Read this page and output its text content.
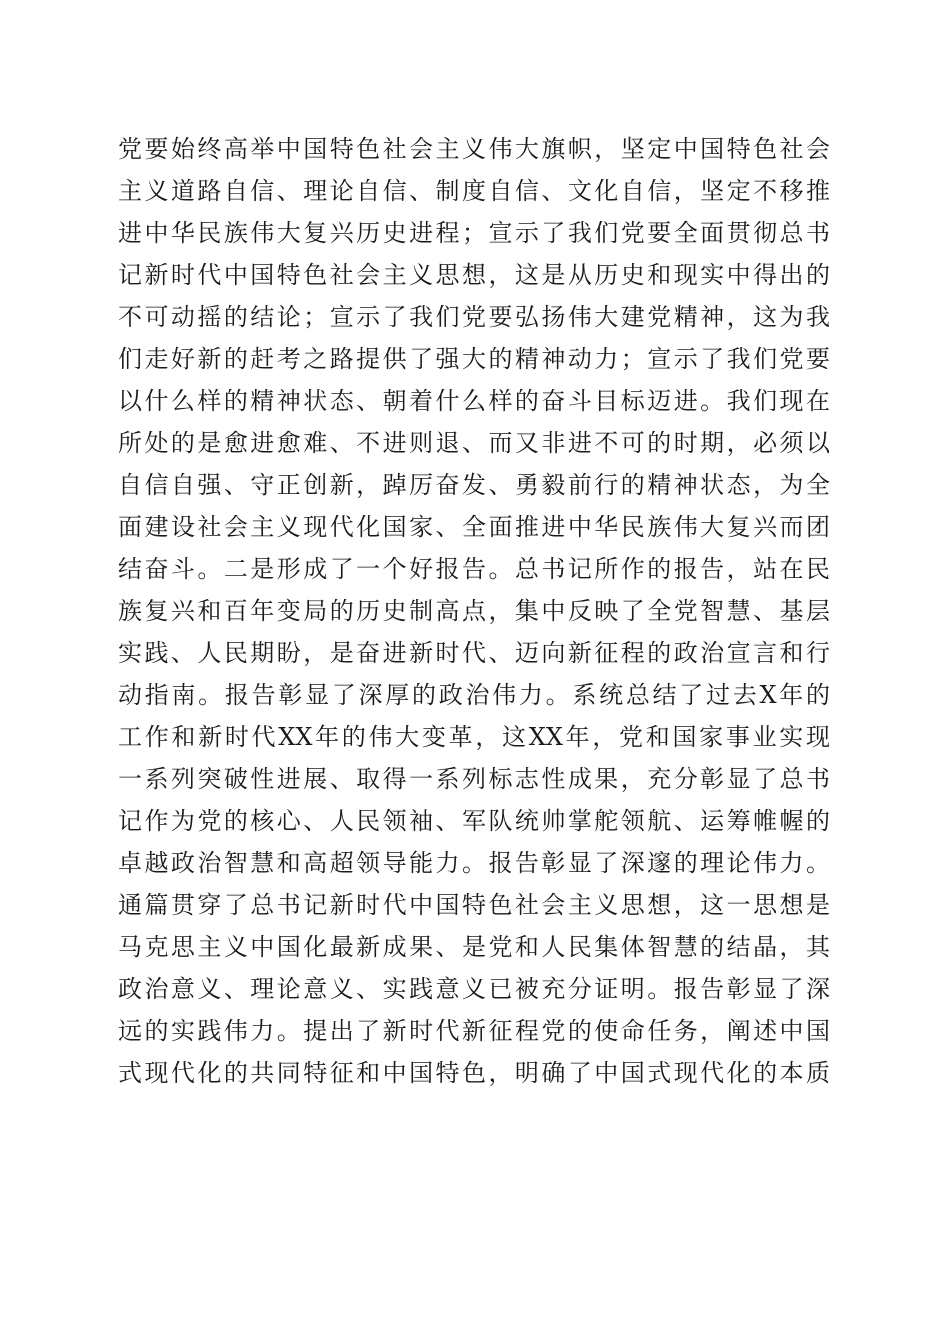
党要始终高举中国特色社会主义伟大旗帜，坚定中国特色社会
主义道路自信、理论自信、制度自信、文化自信，坚定不移推
进中华民族伟大复兴历史进程；宣示了我们党要全面贯彻总书
记新时代中国特色社会主义思想，这是从历史和现实中得出的
不可动摇的结论；宣示了我们党要弘扬伟大建党精神，这为我
们走好新的赶考之路提供了强大的精神动力；宣示了我们党要
以什么样的精神状态、朝着什么样的奋斗目标迈进。我们现在
所处的是愈进愈难、不进则退、而又非进不可的时期，必须以
自信自强、守正创新，踔厉奋发、勇毅前行的精神状态，为全
面建设社会主义现代化国家、全面推进中华民族伟大复兴而团
结奋斗。二是形成了一个好报告。总书记所作的报告，站在民
族复兴和百年变局的历史制高点，集中反映了全党智慧、基层
实践、人民期盼，是奋进新时代、迈向新征程的政治宣言和行
动指南。报告彰显了深厚的政治伟力。系统总结了过去X年的
工作和新时代XX年的伟大变革，这XX年，党和国家事业实现
一系列突破性进展、取得一系列标志性成果，充分彰显了总书
记作为党的核心、人民领袖、军队统帅掌舵领航、运筹帷幄的
卓越政治智慧和高超领导能力。报告彰显了深邃的理论伟力。
通篇贯穿了总书记新时代中国特色社会主义思想，这一思想是
马克思主义中国化最新成果、是党和人民集体智慧的结晶，其
政治意义、理论意义、实践意义已被充分证明。报告彰显了深
远的实践伟力。提出了新时代新征程党的使命任务，阐述中国
式现代化的共同特征和中国特色，明确了中国式现代化的本质
